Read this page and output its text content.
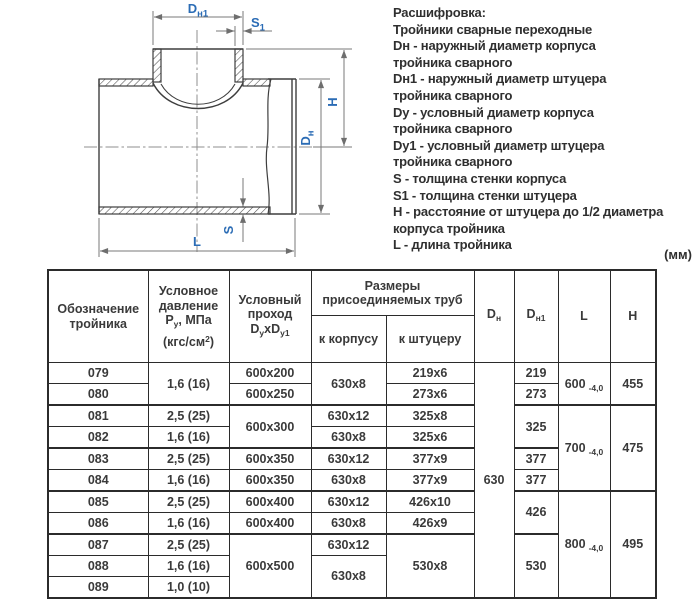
$D_{н1}$
$S_1$
H
$D_н$
S
L
Расшифровка:
Тройники сварные переходные
Dн - наружный диаметр корпуса
тройника сварного
Dн1 - наружный диаметр штуцера
тройника сварного
Dу - условный диаметр корпуса
тройника сварного
Dу1 - условный диаметр штуцера
тройника сварного
S - толщина стенки корпуса
S1 - толщина стенки штуцера
H - расстояние от штуцера до 1/2 диаметра
корпуса тройника
L - длина тройника
(мм)
Обозначение тройника	Условное
давление
$P_у$, МПа
$(кгс/см^2)$	Условный
проход
$D_уxD_{у1}$	Размеры присоединяемых труб		$D_н$	$D_{н1}$	L	H
			к корпусу	к штуцеру				
079	1,6 (16)	600x200	630x8	219x6	630	219	600 $_{-4,0}$	455
080		600x250		273x6		273		
081	2,5 (25)	600x300	630x12	325x8		325	700 $_{-4,0}$	475
082	1,6 (16)		630x8	325x6				
083	2,5 (25)	600x350	630x12	377x9		377		
084	1,6 (16)	600x350	630x8	377x9		377		
085	2,5 (25)	600x400	630x12	426x10		426	800 $_{-4,0}$	495
086	1,6 (16)	600x400	630x8	426x9				
087	2,5 (25)	600x500	630x12	530x8		530		
088	1,6 (16)		630x8					
089	1,0 (10)							
